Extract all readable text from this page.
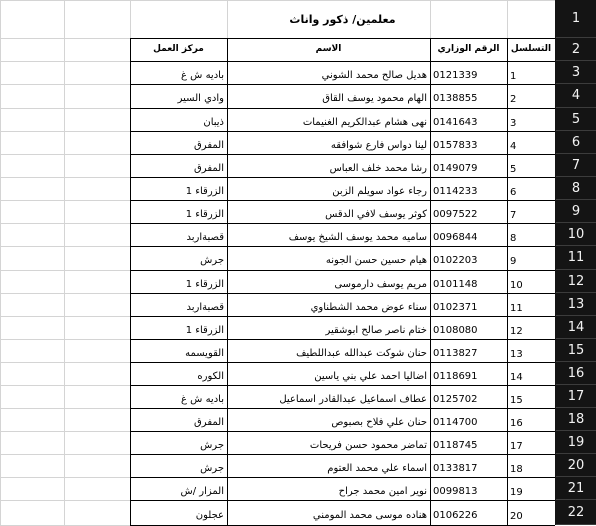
معلمين/ ذكور واناث
مركز العمل	الاسم	الرقم الوزاري	التسلسل
باديه ش غ	هديل صالح محمد الشوني 0121339	1
وادي السير	الهام محمود يوسف القاق 0138855	2
ذيبان	نهى هشام عبدالكريم الغنيمات 0141643	3
المفرق	لينا دواس فارع شوافقه 0157833	4
المفرق	رشا محمد خلف العباس 0149079	5
الزرقاء 1	رجاء عواد سويلم الزبن 0114233	6
الزرقاء 1	كوثر يوسف لافي الدقس 0097522	7
قصبةاربد	ساميه محمد يوسف الشيخ يوسف 0096844	8
جرش	هيام حسين حسن الجونه 0102203	9
الزرقاء 1	مريم يوسف دارموسى 0101148	10
قصبةاربد	سناء عوض محمد الشطناوي 0102371	11
الزرقاء 1	ختام ناصر صالح ابوشقير 0108080	12
القويسمه	حنان شوكت عبدالله عبداللطيف 0113827	13
الكوره	اضاليا احمد علي بني ياسين 0118691	14
باديه ش غ	عطاف اسماعيل عبدالقادر اسماعيل 0125702	15
المفرق	حنان علي فلاح بصبوص 0114700	16
جرش	تماضر محمود حسن فريحات 0118745	17
جرش	اسماء علي محمد العتوم 0133817	18
المزار /ش	نوير امين محمد جراح 0099813	19
عجلون	هناده موسى محمد المومني 0106226	20
1
2
3
4
5
6
7
8
9
10
11
12
13
14
15
16
17
18
19
20
21
22
